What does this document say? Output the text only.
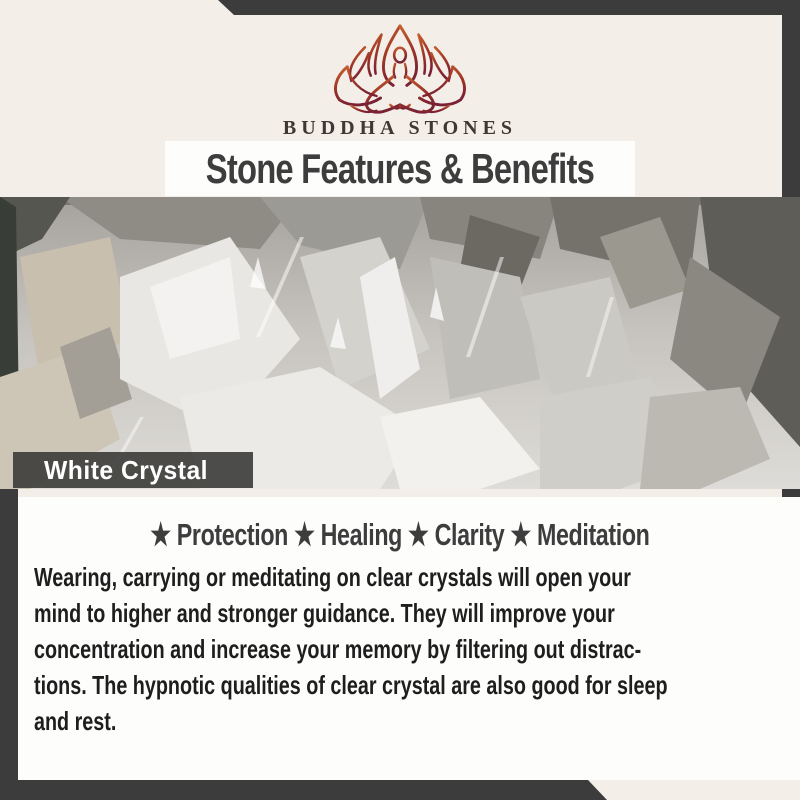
BUDDHA STONES
Stone Features & Benefits
White Crystal
★ Protection ★ Healing ★ Clarity ★ Meditation
Wearing, carrying or meditating on clear crystals will open your
mind to higher and stronger guidance. They will improve your
concentration and increase your memory by filtering out distrac-
tions. The hypnotic qualities of clear crystal are also good for sleep
and rest.
